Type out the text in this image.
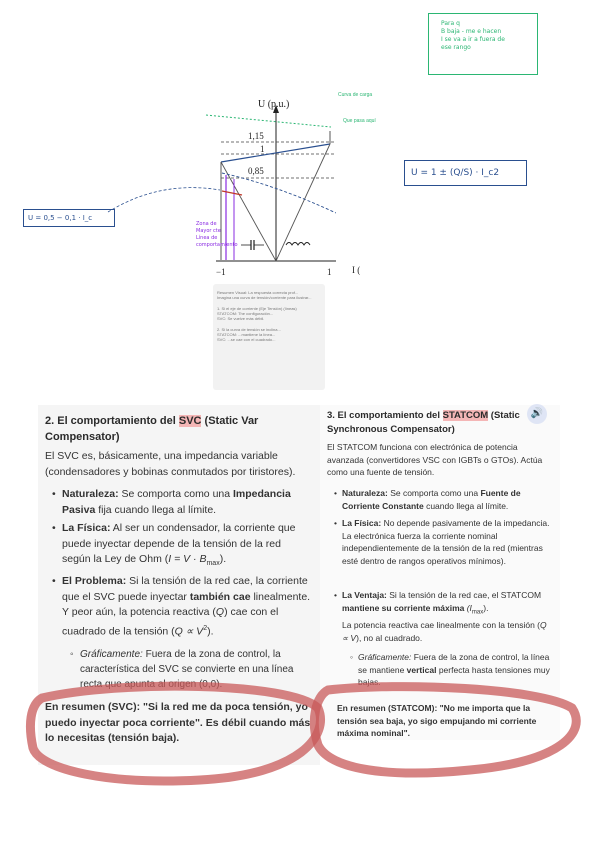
Para q
B baja - me e hacen
I se va a ir a fuera de
ese rango
U (p.u.)
1,15
1
0,85
−1	1
Zona de
Mayor cte
Línea de
comportamiento
Curva de carga
Que pasa aquí
I (
U = 1 ± (Q/S) · I_c2
U = 0,5 − 0,1 · I_c
Resumen Visual: La respuesta correcta prof...
Imagina una curva de tensión/corriente para ilustrar...
1. Si el eje de corriente (Eje Tensión) (líneas)
STATCOM: The configuración...
SVC: Se vuelve más débil.
2. Si la curva de tensión se inclina...
STATCOM: ...mantiene la línea...
SVC: ...se cae con el cuadrado...
2. El comportamiento del SVC (Static Var Compensator)
El SVC es, básicamente, una impedancia variable (condensadores y bobinas conmutados por tiristores).
• Naturaleza: Se comporta como una Impedancia Pasiva fija cuando llega al límite.
• La Física: Al ser un condensador, la corriente que puede inyectar depende de la tensión de la red según la Ley de Ohm $(I = V \cdot B_{max})$.
• El Problema: Si la tensión de la red cae, la corriente que el SVC puede inyectar también cae linealmente. Y peor aún, la potencia reactiva (Q) cae con el cuadrado de la tensión $(Q \propto V^2)$.
◦ Gráficamente: Fuera de la zona de control, la característica del SVC se convierte en una línea recta que apunta al origen (0,0).
En resumen (SVC): "Si la red me da poca tensión, yo puedo inyectar poca corriente". Es débil cuando más lo necesitas (tensión baja).
3. El comportamiento del STATCOM (Static Synchronous Compensator)
El STATCOM funciona con electrónica de potencia avanzada (convertidores VSC con IGBTs o GTOs). Actúa como una fuente de tensión.
• Naturaleza: Se comporta como una Fuente de Corriente Constante cuando llega al límite.
• La Física: No depende pasivamente de la impedancia. La electrónica fuerza la corriente nominal independientemente de la tensión de la red (mientras esté dentro de rangos operativos mínimos).
• La Ventaja: Si la tensión de la red cae, el STATCOM mantiene su corriente máxima $(I_{max})$.
La potencia reactiva cae linealmente con la tensión (Q ∝ V), no al cuadrado.
◦ Gráficamente: Fuera de la zona de control, la línea se mantiene vertical perfecta hasta tensiones muy bajas.
En resumen (STATCOM): "No me importa que la tensión sea baja, yo sigo empujando mi corriente máxima nominal".
🔊
